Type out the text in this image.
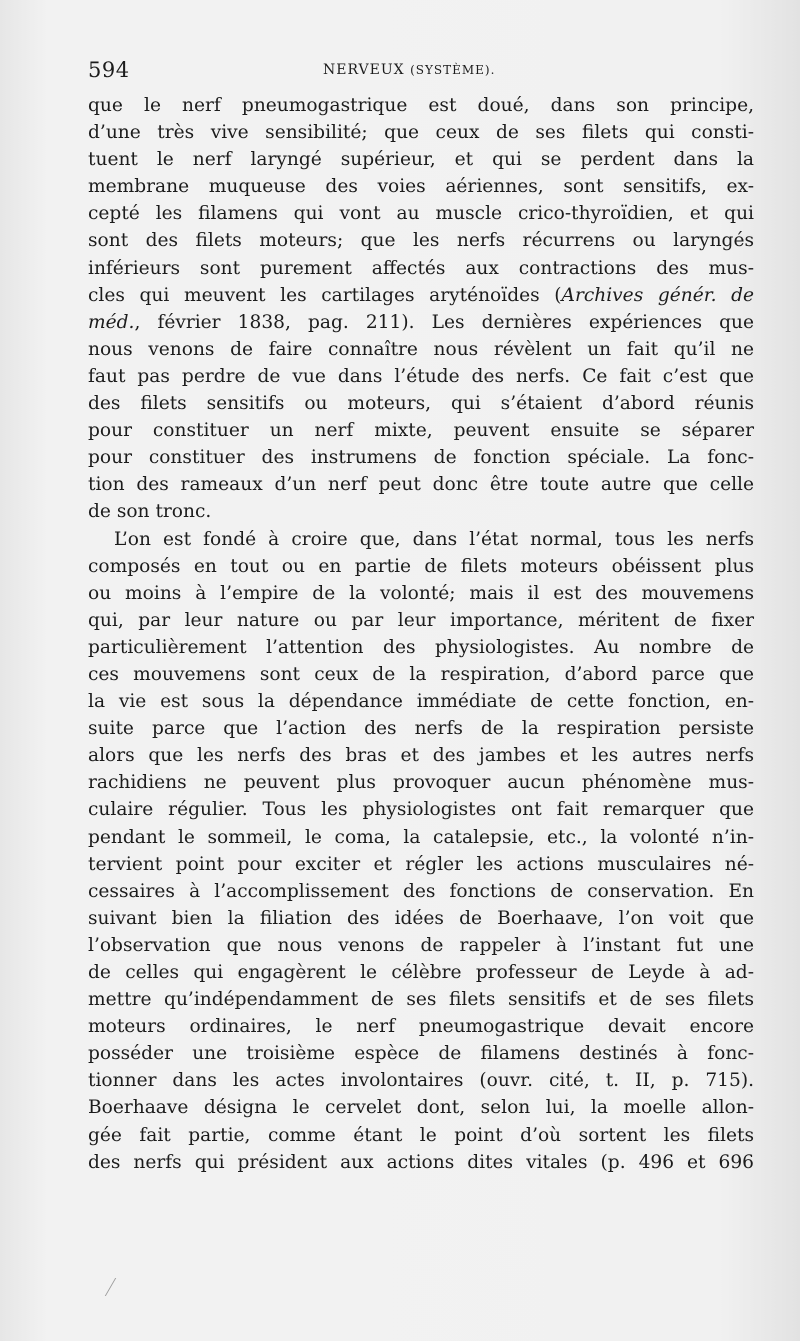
594	NERVEUX (SYSTÈME).
que le nerf pneumogastrique est doué, dans son principe,
d’une très vive sensibilité; que ceux de ses filets qui consti-
tuent le nerf laryngé supérieur, et qui se perdent dans la
membrane muqueuse des voies aériennes, sont sensitifs, ex-
cepté les filamens qui vont au muscle crico-thyroïdien, et qui
sont des filets moteurs; que les nerfs récurrens ou laryngés
inférieurs sont purement affectés aux contractions des mus-
cles qui meuvent les cartilages aryténoïdes (Archives génér. de
méd., février 1838, pag. 211). Les dernières expériences que
nous venons de faire connaître nous révèlent un fait qu’il ne
faut pas perdre de vue dans l’étude des nerfs. Ce fait c’est que
des filets sensitifs ou moteurs, qui s’étaient d’abord réunis
pour constituer un nerf mixte, peuvent ensuite se séparer
pour constituer des instrumens de fonction spéciale. La fonc-
tion des rameaux d’un nerf peut donc être toute autre que celle
de son tronc.
L’on est fondé à croire que, dans l’état normal, tous les nerfs
composés en tout ou en partie de filets moteurs obéissent plus
ou moins à l’empire de la volonté; mais il est des mouvemens
qui, par leur nature ou par leur importance, méritent de fixer
particulièrement l’attention des physiologistes. Au nombre de
ces mouvemens sont ceux de la respiration, d’abord parce que
la vie est sous la dépendance immédiate de cette fonction, en-
suite parce que l’action des nerfs de la respiration persiste
alors que les nerfs des bras et des jambes et les autres nerfs
rachidiens ne peuvent plus provoquer aucun phénomène mus-
culaire régulier. Tous les physiologistes ont fait remarquer que
pendant le sommeil, le coma, la catalepsie, etc., la volonté n’in-
tervient point pour exciter et régler les actions musculaires né-
cessaires à l’accomplissement des fonctions de conservation. En
suivant bien la filiation des idées de Boerhaave, l’on voit que
l’observation que nous venons de rappeler à l’instant fut une
de celles qui engagèrent le célèbre professeur de Leyde à ad-
mettre qu’indépendamment de ses filets sensitifs et de ses filets
moteurs ordinaires, le nerf pneumogastrique devait encore
posséder une troisième espèce de filamens destinés à fonc-
tionner dans les actes involontaires (ouvr. cité, t. II, p. 715).
Boerhaave désigna le cervelet dont, selon lui, la moelle allon-
gée fait partie, comme étant le point d’où sortent les filets
des nerfs qui président aux actions dites vitales (p. 496 et 696
